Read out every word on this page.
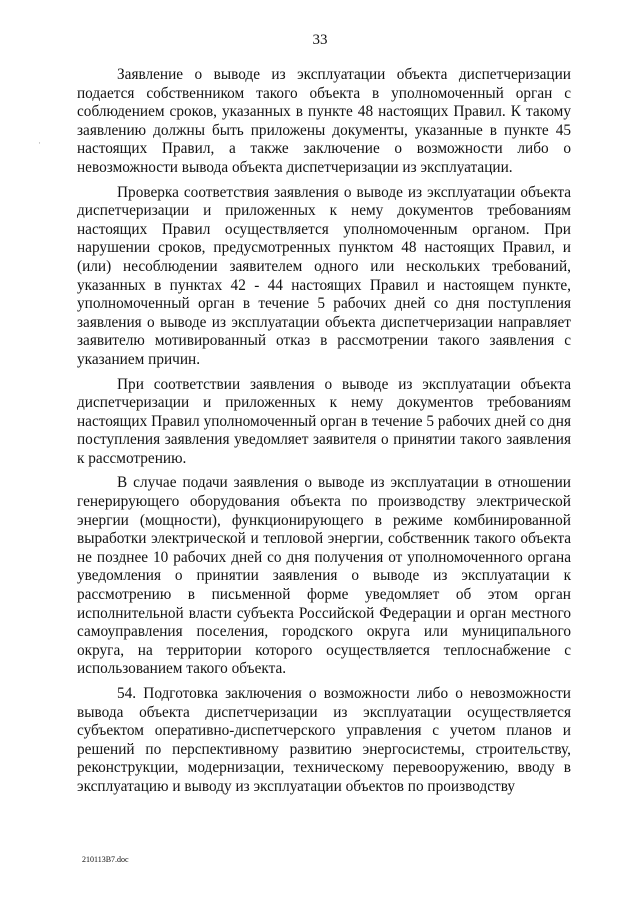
33
·

Заявление о выводе из эксплуатации объекта диспетчеризации подается собственником такого объекта в уполномоченный орган с соблюдением сроков, указанных в пункте 48 настоящих Правил. К такому заявлению должны быть приложены документы, указанные в пункте 45 настоящих Правил, а также заключение о возможности либо о невозможности вывода объекта диспетчеризации из эксплуатации.

Проверка соответствия заявления о выводе из эксплуатации объекта диспетчеризации и приложенных к нему документов требованиям настоящих Правил осуществляется уполномоченным органом. При нарушении сроков, предусмотренных пунктом 48 настоящих Правил, и (или) несоблюдении заявителем одного или нескольких требований, указанных в пунктах 42 - 44 настоящих Правил и настоящем пункте, уполномоченный орган в течение 5 рабочих дней со дня поступления заявления о выводе из эксплуатации объекта диспетчеризации направляет заявителю мотивированный отказ в рассмотрении такого заявления с указанием причин.

При соответствии заявления о выводе из эксплуатации объекта диспетчеризации и приложенных к нему документов требованиям настоящих Правил уполномоченный орган в течение 5 рабочих дней со дня поступления заявления уведомляет заявителя о принятии такого заявления к рассмотрению.

В случае подачи заявления о выводе из эксплуатации в отношении генерирующего оборудования объекта по производству электрической энергии (мощности), функционирующего в режиме комбинированной выработки электрической и тепловой энергии, собственник такого объекта не позднее 10 рабочих дней со дня получения от уполномоченного органа уведомления о принятии заявления о выводе из эксплуатации к рассмотрению в письменной форме уведомляет об этом орган исполнительной власти субъекта Российской Федерации и орган местного самоуправления поселения, городского округа или муниципального округа, на территории которого осуществляется теплоснабжение с использованием такого объекта.

54. Подготовка заключения о возможности либо о невозможности вывода объекта диспетчеризации из эксплуатации осуществляется субъектом оперативно-диспетчерского управления с учетом планов и решений по перспективному развитию энергосистемы, строительству, реконструкции, модернизации, техническому перевооружению, вводу в эксплуатацию и выводу из эксплуатации объектов по производству

210113B7.doc
